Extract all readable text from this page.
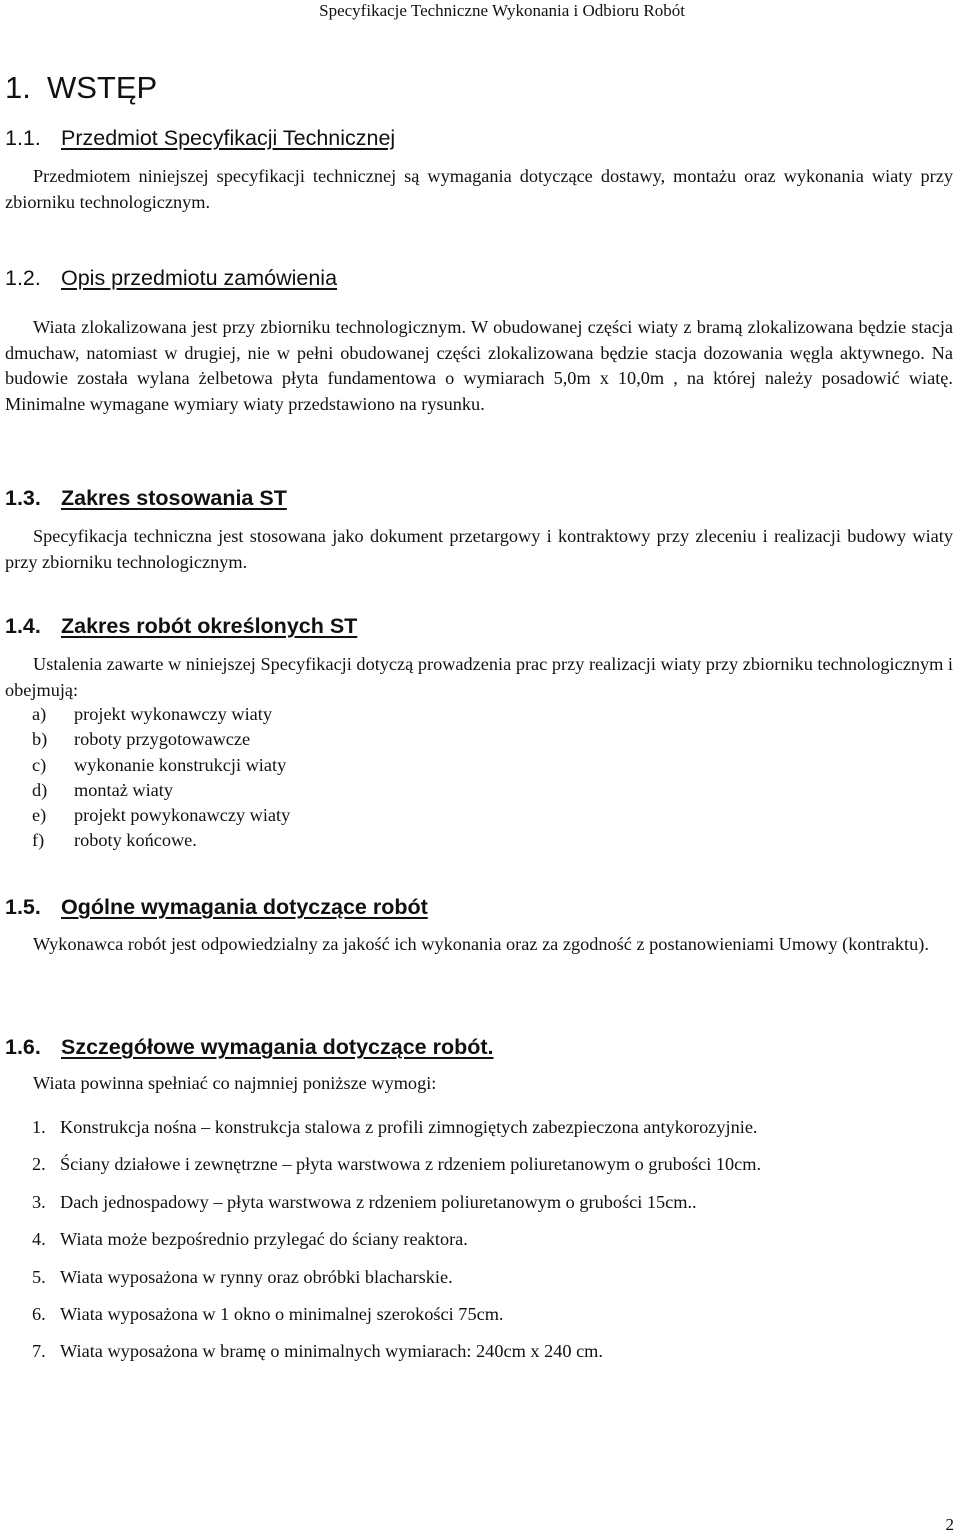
Specyfikacje Techniczne Wykonania i Odbioru Robót
1. WSTĘP
1.1. Przedmiot Specyfikacji Technicznej

Przedmiotem niniejszej specyfikacji technicznej są wymagania dotyczące dostawy, montażu oraz wykonania wiaty przy zbiorniku technologicznym.

1.2. Opis przedmiotu zamówienia

Wiata zlokalizowana jest przy zbiorniku technologicznym. W obudowanej części wiaty z bramą zlokalizowana będzie stacja dmuchaw, natomiast w drugiej, nie w pełni obudowanej części zlokalizowana będzie stacja dozowania węgla aktywnego. Na budowie została wylana żelbetowa płyta fundamentowa o wymiarach 5,0m x 10,0m , na której należy posadowić wiatę. Minimalne wymagane wymiary wiaty przedstawiono na rysunku.

1.3. Zakres stosowania ST

Specyfikacja techniczna jest stosowana jako dokument przetargowy i kontraktowy przy zleceniu i realizacji budowy wiaty przy zbiorniku technologicznym.

1.4. Zakres robót określonych ST

Ustalenia zawarte w niniejszej Specyfikacji dotyczą prowadzenia prac przy realizacji wiaty przy zbiorniku technologicznym i obejmują:

a) projekt wykonawczy wiaty
b) roboty przygotowawcze
c) wykonanie konstrukcji wiaty
d) montaż wiaty
e) projekt powykonawczy wiaty
f) roboty końcowe.
1.5. Ogólne wymagania dotyczące robót

Wykonawca robót jest odpowiedzialny za jakość ich wykonania oraz za zgodność z postanowieniami Umowy (kontraktu).

1.6. Szczegółowe wymagania dotyczące robót.

Wiata powinna spełniać co najmniej poniższe wymogi:

1. Konstrukcja nośna – konstrukcja stalowa z profili zimnogiętych zabezpieczona antykorozyjnie.
2. Ściany działowe i zewnętrzne – płyta warstwowa z rdzeniem poliuretanowym o grubości 10cm.
3. Dach jednospadowy – płyta warstwowa z rdzeniem poliuretanowym o grubości 15cm..
4. Wiata może bezpośrednio przylegać do ściany reaktora.
5. Wiata wyposażona w rynny oraz obróbki blacharskie.
6. Wiata wyposażona w 1 okno o minimalnej szerokości 75cm.
7. Wiata wyposażona w bramę o minimalnych wymiarach: 240cm x 240 cm.
2
